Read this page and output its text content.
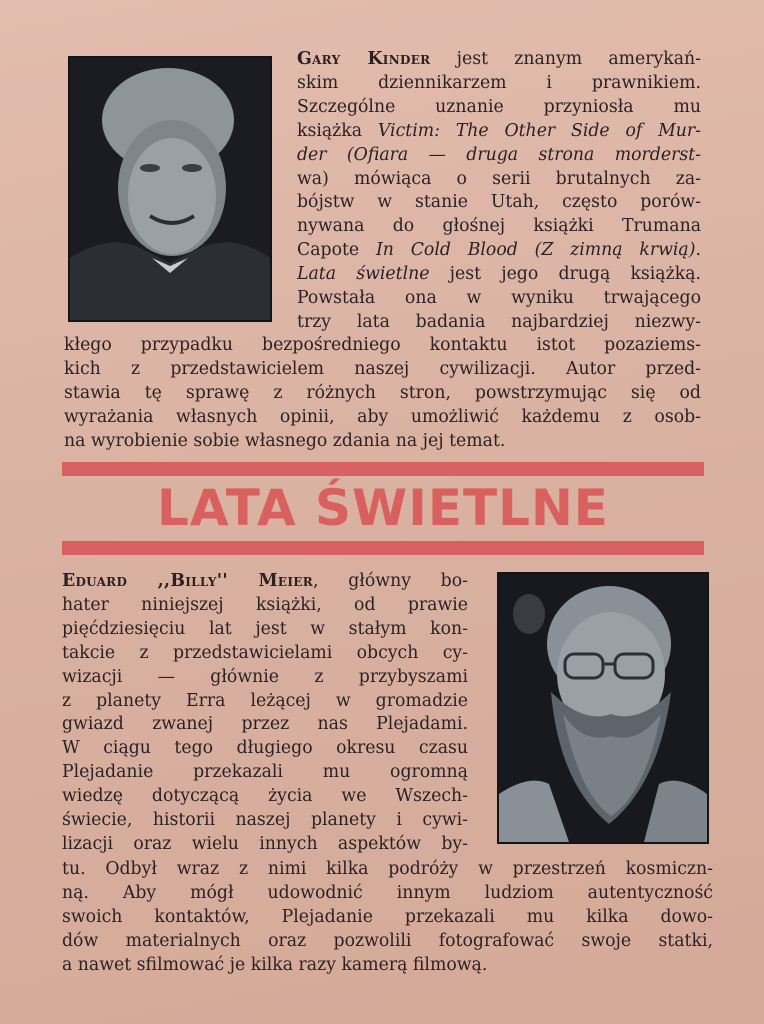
Gary Kinder jest znanym amerykań-
skim dziennikarzem i prawnikiem.
Szczególne uznanie przyniosła mu
książka Victim: The Other Side of Mur-
der (Ofiara — druga strona morderst-
wa) mówiąca o serii brutalnych za-
bójstw w stanie Utah, często porów-
nywana do głośnej książki Trumana
Capote In Cold Blood (Z zimną krwią).
Lata świetlne jest jego drugą książką.
Powstała ona w wyniku trwającego
trzy lata badania najbardziej niezwy-
kłego przypadku bezpośredniego kontaktu istot pozaziems-
kich z przedstawicielem naszej cywilizacji. Autor przed-
stawia tę sprawę z różnych stron, powstrzymując się od
wyrażania własnych opinii, aby umożliwić każdemu z osob-
na wyrobienie sobie własnego zdania na jej temat.
LATA ŚWIETLNE
Eduard ,,Billy'' Meier, główny bo-
hater niniejszej książki, od prawie
pięćdziesięciu lat jest w stałym kon-
takcie z przedstawicielami obcych cy-
wizacji — głównie z przybyszami
z planety Erra leżącej w gromadzie
gwiazd zwanej przez nas Plejadami.
W ciągu tego długiego okresu czasu
Plejadanie przekazali mu ogromną
wiedzę dotyczącą życia we Wszech-
świecie, historii naszej planety i cywi-
lizacji oraz wielu innych aspektów by-
tu. Odbył wraz z nimi kilka podróży w przestrzeń kosmiczn-
ną. Aby mógł udowodnić innym ludziom autentyczność
swoich kontaktów, Plejadanie przekazali mu kilka dowo-
dów materialnych oraz pozwolili fotografować swoje statki,
a nawet sfilmować je kilka razy kamerą filmową.
